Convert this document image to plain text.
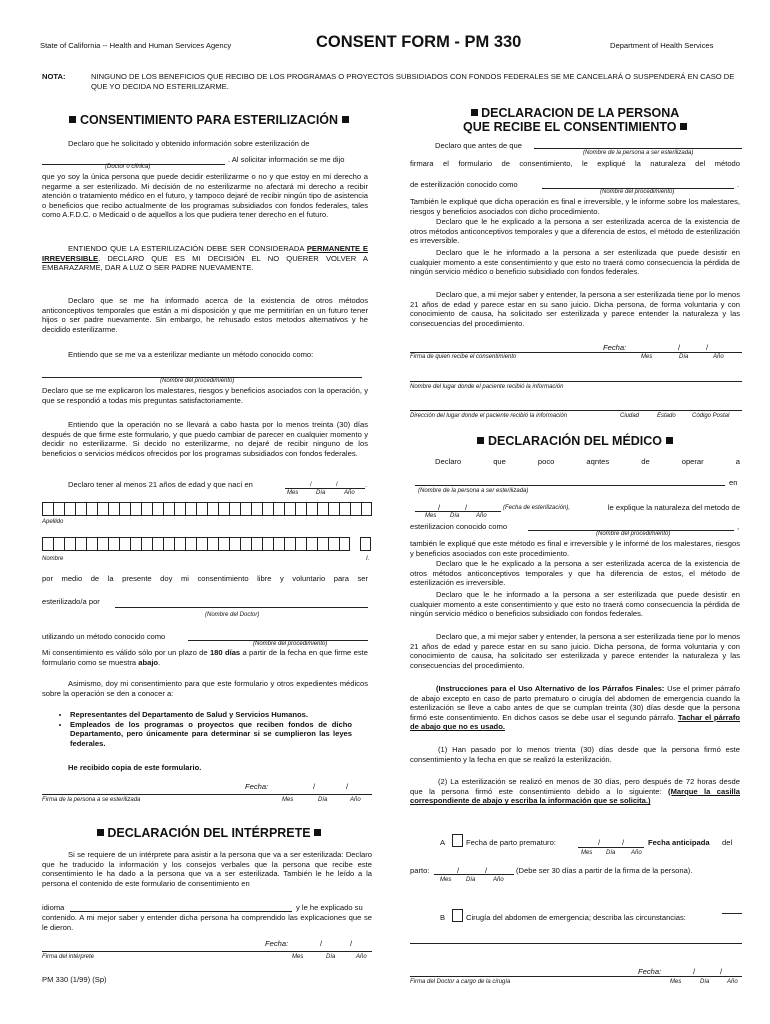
State of California -- Health and Human Services Agency	CONSENT FORM - PM 330	Department of Health Services
NOTA:	NINGUNO DE LOS BENEFICIOS QUE RECIBO DE LOS PROGRAMAS O PROYECTOS SUBSIDIADOS CON FONDOS FEDERALES SE ME CANCELARÁ O SUSPENDERÁ EN CASO DE QUE YO DECIDA NO ESTERILIZARME.
CONSENTIMIENTO PARA ESTERILIZACIÓN
Declaro que he solicitado y obtenido información sobre esterilización de
. Al solicitar información se me dijo
(Doctor o clínica)
que yo soy la única persona que puede decidir esterilizarme o no y que estoy en mi derecho a negarme a ser esterilizado. Mi decisión de no esterilizarme no afectará mi derecho a recibir atención o tratamiento médico en el futuro, y tampoco dejaré de recibir ningún tipo de asistencia o beneficios que recibo actualmente de los programas subsidiados con fondos federales, tales como A.F.D.C. o Medicaid o de aquellos a los que pudiera tener derecho en el futuro.
ENTIENDO QUE LA ESTERILIZACIÓN DEBE SER CONSIDERADA PERMANENTE E IRREVERSIBLE. DECLARO QUE ES MI DECISIÓN EL NO QUERER VOLVER A EMBARAZARME, DAR A LUZ O SER PADRE NUEVAMENTE.
Declaro que se me ha informado acerca de la existencia de otros métodos anticonceptivos temporales que están a mi disposición y que me permitirían en un futuro tener hijos o ser padre nuevamente. Sin embargo, he rehusado estos metodos alternativos y he decidido esterilizarme.
Entiendo que se me va a esterilizar mediante un método conocido como:
(Nombre del procedimiento)
Declaro que se me explicaron los malestares, riesgos y beneficios asociados con la operación, y que se respondió a todas mis preguntas satisfactoriamente.
Entiendo que la operación no se llevará a cabo hasta por lo menos treinta (30) días después de que firme este formulario, y que puedo cambiar de parecer en cualquier momento y decidir no esterilizarme. Si decido no esterilizarme, no dejaré de recibir ninguno de los beneficios o servicios médicos ofrecidos por los programas subsidiados con fondos federales.
Declaro tener al menos 21 años de edad y que nací en	/	/	.
Mes	Día	Año
Apellido
Nombre	I.
por medio de la presente doy mi consentimiento libre y voluntario para ser
esterilizado/a por
(Nombre del Doctor)
utilizando un método conocido como
(Nombre del procedimiento)
Mi consentimiento es válido sólo por un plazo de 180 días a partir de la fecha en que firme este formulario como se muestra abajo.
Asimismo, doy mi consentimiento para que este formulario y otros expedientes médicos sobre la operación se den a conocer a:
• Representantes del Departamento de Salud y Servicios Humanos.
• Empleados de los programas o proyectos que reciben fondos de dicho Departamento, pero únicamente para determinar si se cumplieron las leyes federales.
He recibido copia de este formulario.
Fecha:	/	/
Firma de la persona a se esterilizada	Mes	Día	Año
DECLARACIÓN DEL INTÉRPRETE
Si se requiere de un intérprete para asistir a la persona que va a ser esterilizada: Declaro que he traducido la información y los consejos verbales que la persona que recibe este consentimiento le ha dado a la persona que va a ser esterilizada. También le he leído a la persona el contenido de este formulario de consentimiento en
idioma	y le he explicado su
contenido. A mi mejor saber y entender dicha persona ha comprendido las explicaciones que se le dieron.
Fecha:	/	/
Firma del intérprete	Mes	Día	Año
PM 330 (1/99) (Sp)
DECLARACION DE LA PERSONA
QUE RECIBE EL CONSENTIMIENTO
Declaro que antes de que
(Nombre de la persona a ser esterilizada)
firmara el formulario de consentimiento, le expliqué la naturaleza del método
de esterilización conocido como	.
(Nombre del procedimiento)
También le expliqué que dicha operación es final e irreversible, y le informe sobre los malestares, riesgos y beneficios asociados con dicho procedimiento.
Declaro que le he explicado a la persona a ser esterilizada acerca de la existencia de otros métodos anticonceptivos temporales y que a diferencia de estos, el método de esterilización es irreversible.
Declaro que le he informado a la persona a ser esterilizada que puede desistir en cualquier momento a este consentimiento y que esto no traerá como consecuencia la pérdida de ningún servicio médico o beneficio subsidiado con fondos federales.
Declaro que, a mi mejor saber y entender, la persona a ser esterilizada tiene por lo menos 21 años de edad y parece estar en su sano juicio. Dicha persona, de forma voluntaria y con conocimiento de causa, ha solicitado ser esterilizada y parece entender la naturaleza y las consecuencias del procedimiento.
Fecha:	/	/
Firma de quien recibe el consentimiento	Mes	Día	Año
Nombre del lugar donde el paciente recibió la información
Dirección del lugar donde el paciente recibió la información	Ciudad	Estado	Código Postal
DECLARACIÓN DEL MÉDICO
Declaro	que	poco	aqntes	de	operar	a
en
(Nombre de la persona a ser esterilizada)
/	/	(Fecha de esterilización),	le explique la naturaleza del metodo de
Mes Día	Año
esterilizacion conocido como	,
(Nombre del procedimiento)
también le expliqué que este método es final e irreversible y le informé de los malestares, riesgos y beneficios asociados con este procedimiento.
Declaro que le he explicado a la persona a ser esterilizada acerca de la existencia de otros métodos anticonceptivos temporales y que ha diferencia de estos, el método de esterilización es irreversible.
Declaro que le he informado a la persona a ser esterilizada que puede desistir en cualquier momento a este consentimiento y que esto no traerá como consecuencia la pérdida de ningún servicio médico o beneficios subsidiado con fondos federales.
Declaro que, a mi mejor saber y entender, la persona a ser esterilizada tiene por lo menos 21 años de edad y parece estar en su sano juicio. Dicha persona, de forma voluntaria y con conocimiento de causa, ha solicitado ser esterilizada y parece entender la naturaleza y las consecuencias del procedimiento.
(Instrucciones para el Uso Alternativo de los Párrafos Finales: Use el primer párrafo de abajo excepto en caso de parto prematuro o cirugía del abdomen de emergencia cuando la esterilización se lleve a cabo antes de que se cumplan treinta (30) días desde que la persona firmó este consentimiento. En dichos casos se debe usar el segundo párrafo. Tachar el párrafo de abajo que no es usado.
(1) Han pasado por lo menos trienta (30) días desde que la persona firmó este consentimiento y la fecha en que se realizó la esterilización.
(2) La esterilización se realizó en menos de 30 días, pero después de 72 horas desde que la persona firmó este consentimiento debido a lo siguiente: (Marque la casilla correspondiente de abajo y escriba la información que se solicita.)
A	Fecha de parto prematuro:	/	/	Fecha anticipada del
Mes Día	Año
parto:	/	/	(Debe ser 30 días a partir de la firma de la persona).
Mes Día	Año
B	Cirugía del abdomen de emergencia; describa las circunstancias:
Fecha:	/	/
Firma del Doctor a cargo de la cirugía	Mes	Día	Año
